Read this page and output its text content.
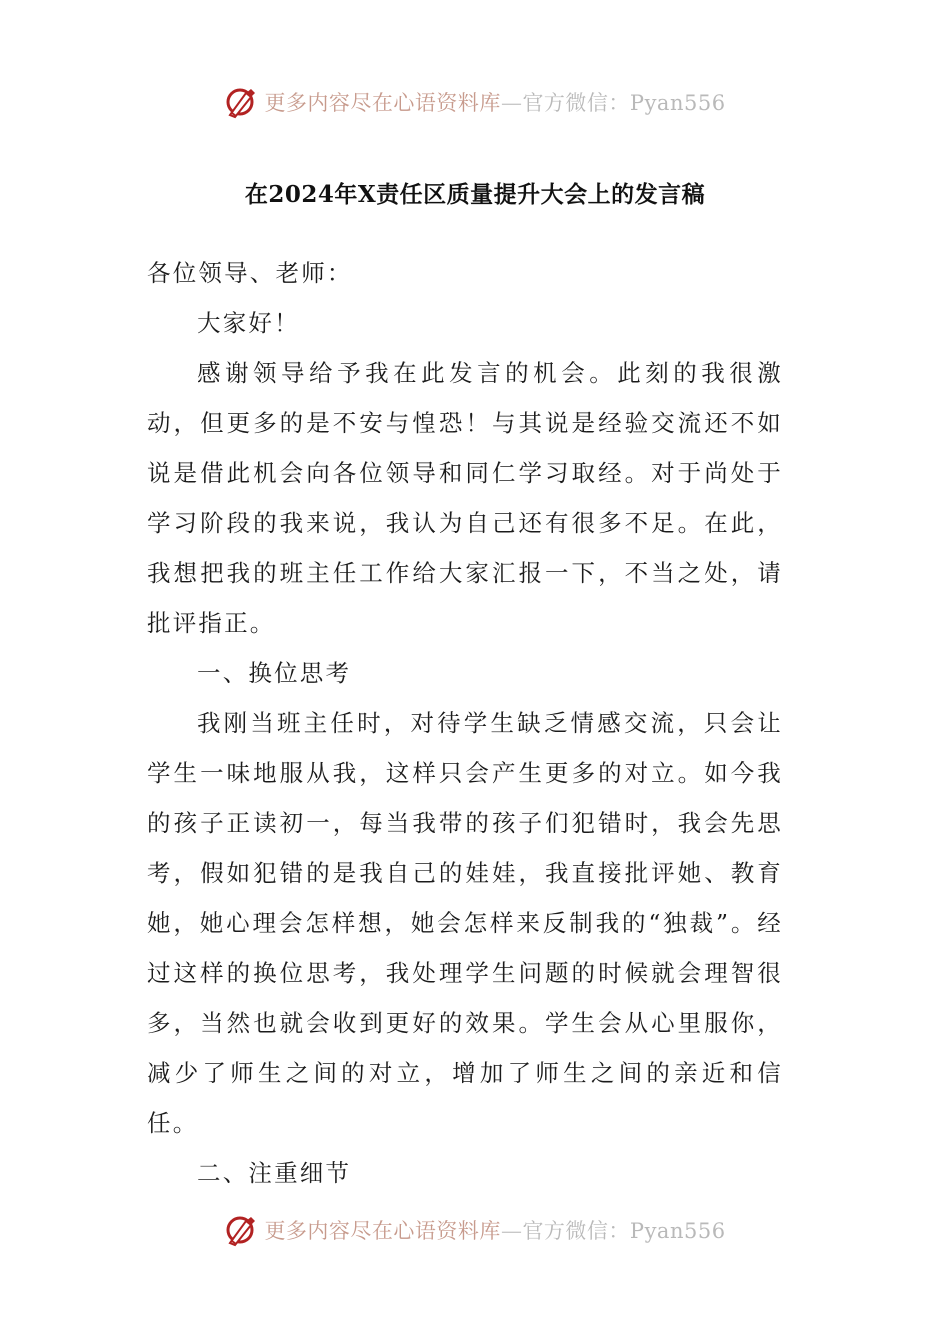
更多内容尽在心语资料库—官方微信：Pyan556
在2024年X责任区质量提升大会上的发言稿

各位领导、老师：

大家好！

感谢领导给予我在此发言的机会。此刻的我很激动，但更多的是不安与惶恐！与其说是经验交流还不如说是借此机会向各位领导和同仁学习取经。对于尚处于学习阶段的我来说，我认为自己还有很多不足。在此，我想把我的班主任工作给大家汇报一下，不当之处，请批评指正。

一、换位思考

我刚当班主任时，对待学生缺乏情感交流，只会让学生一味地服从我，这样只会产生更多的对立。如今我的孩子正读初一，每当我带的孩子们犯错时，我会先思考，假如犯错的是我自己的娃娃，我直接批评她、教育她，她心理会怎样想，她会怎样来反制我的“独裁”。经过这样的换位思考，我处理学生问题的时候就会理智很多，当然也就会收到更好的效果。学生会从心里服你，减少了师生之间的对立，增加了师生之间的亲近和信任。

二、注重细节

更多内容尽在心语资料库—官方微信：Pyan556
